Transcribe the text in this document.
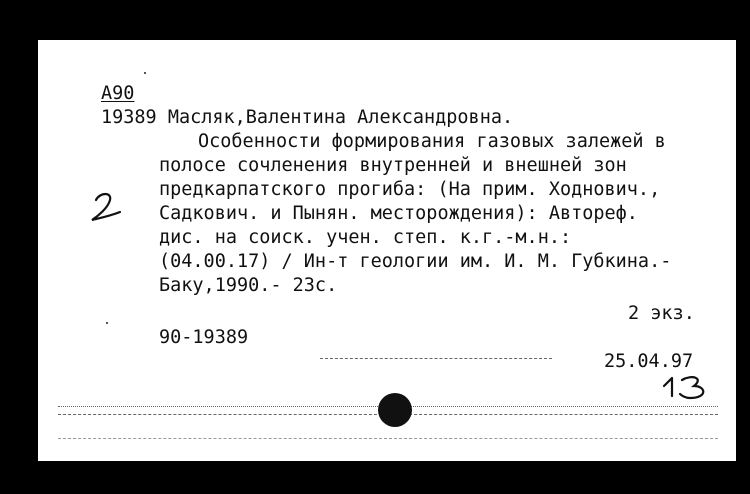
А90
19389 Масляк,Валентина Александровна.
Особенности формирования газовых залежей в
полосе сочленения внутренней и внешней зон
предкарпатского прогиба: (На прим. Ходнович.,
Садкович. и Пынян. месторождения): Автореф.
дис. на соиск. учен. степ. к.г.-м.н.:
(04.00.17) / Ин-т геологии им. И. М. Губкина.-
Баку,1990.- 23с.
2 экз.
90-19389
25.04.97
